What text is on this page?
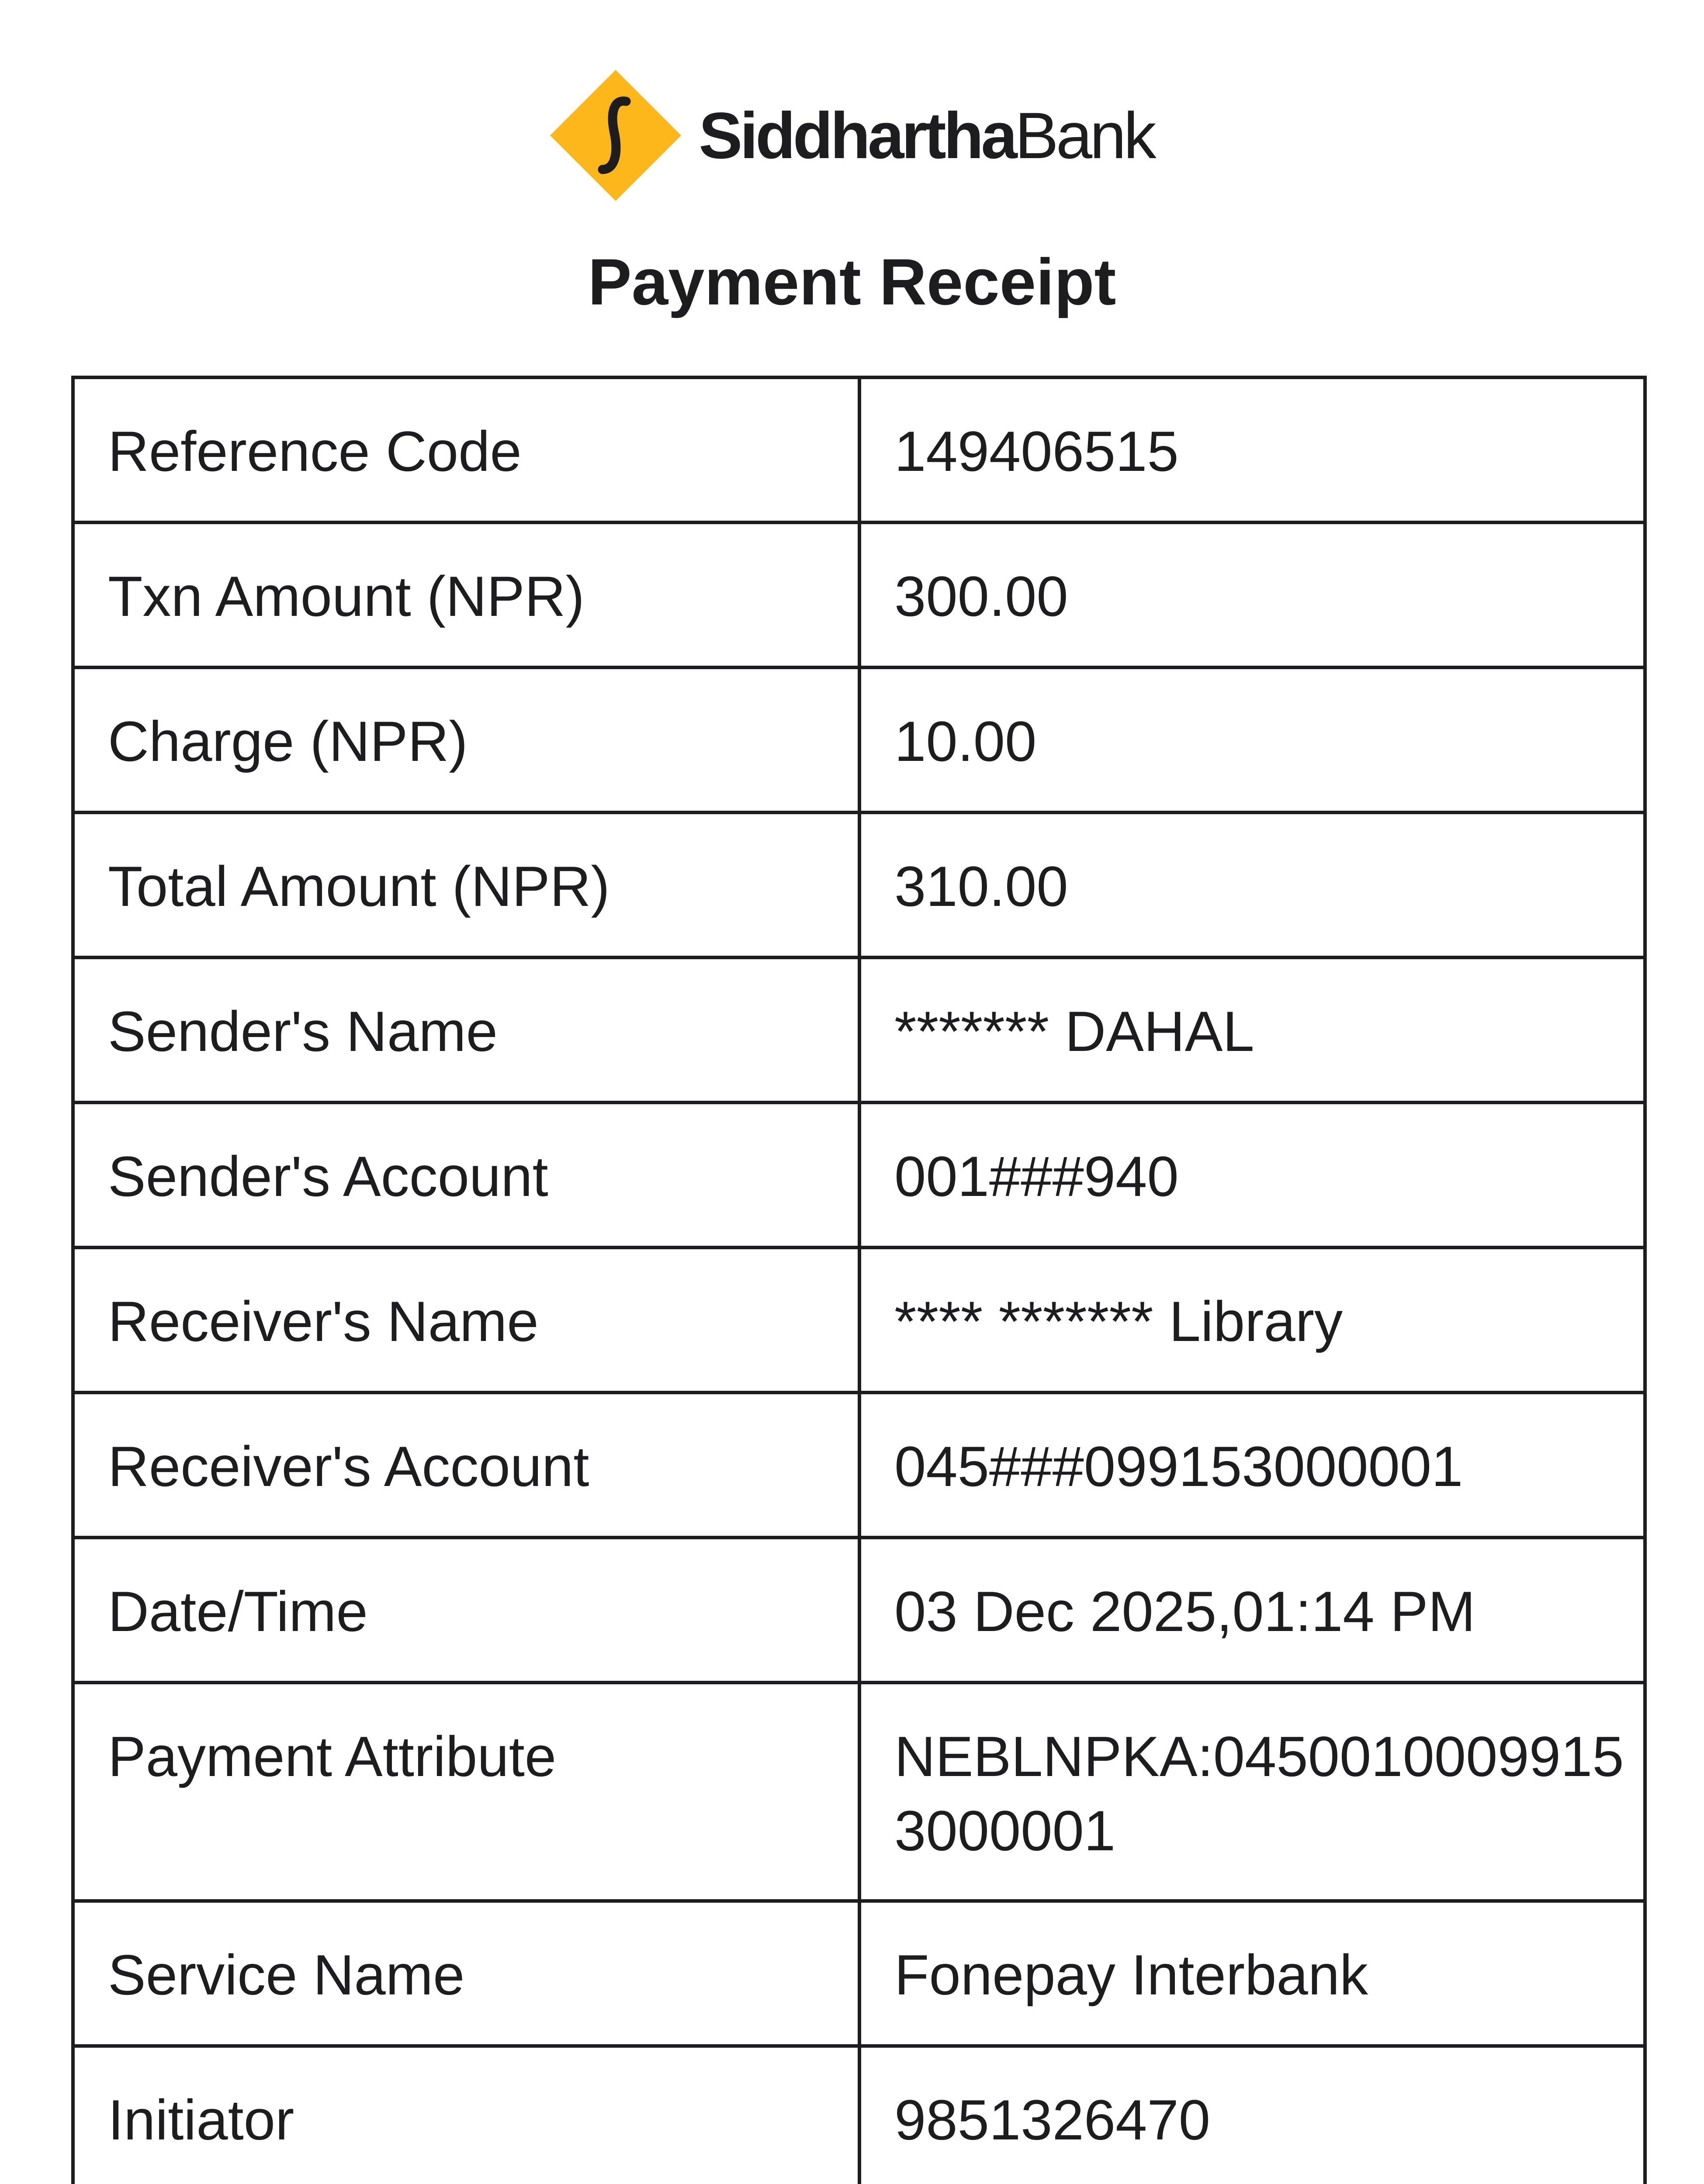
SiddharthaBank
Payment Receipt
Reference Code	149406515
Txn Amount (NPR)	300.00
Charge (NPR)	10.00
Total Amount (NPR)	310.00
Sender's Name	******* DAHAL
Sender's Account	001###940
Receiver's Name	**** ******* Library
Receiver's Account	045###099153000001
Date/Time	03 Dec 2025,01:14 PM
Payment Attribute	NEBLNPKA:04500100099153000001
Service Name	Fonepay Interbank
Initiator	9851326470
